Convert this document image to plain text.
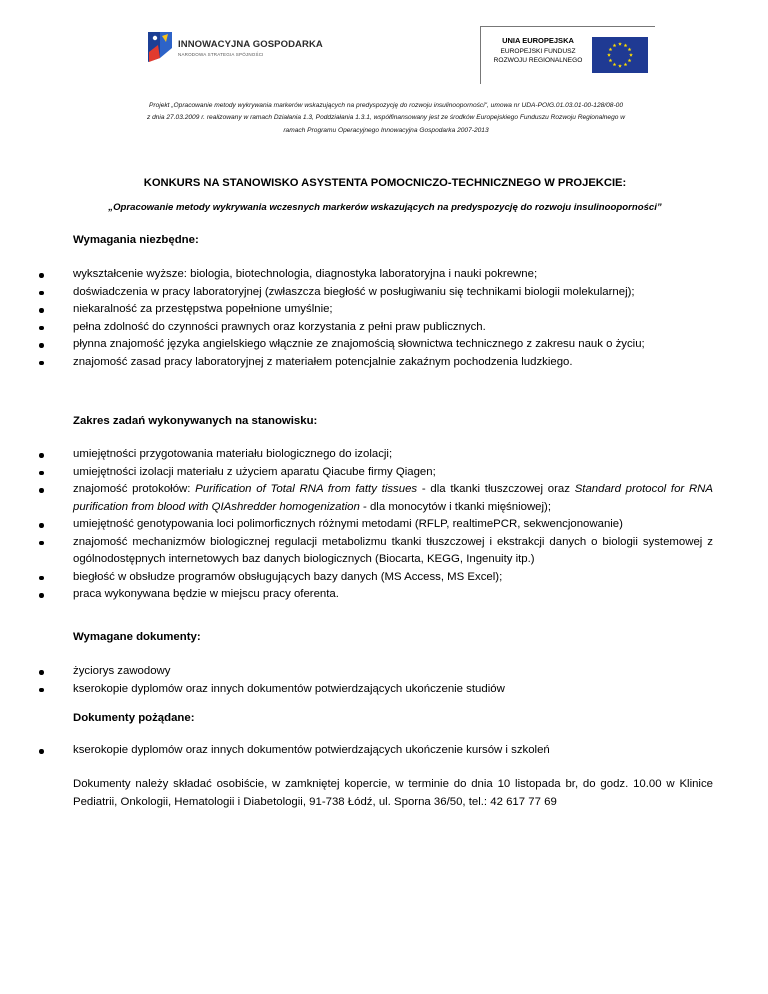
INNOWACYJNA GOSPODARKA
NARODOWA STRATEGIA SPÓJNOŚCI
UNIA EUROPEJSKA
EUROPEJSKI FUNDUSZ
ROZWOJU REGIONALNEGO
Projekt „Opracowanie metody wykrywania markerów wskazujących na predyspozycję do rozwoju insulinooporności", umowa nr UDA-POIG.01.03.01-00-128/08-00
z dnia 27.03.2009 r. realizowany w ramach Działania 1.3, Poddziałania 1.3.1, współfinansowany jest ze środków Europejskiego Funduszu Rozwoju Regionalnego w
ramach Programu Operacyjnego Innowacyjna Gospodarka 2007-2013
KONKURS NA STANOWISKO ASYSTENTA POMOCNICZO-TECHNICZNEGO W PROJEKCIE:
„Opracowanie metody wykrywania wczesnych markerów wskazujących na predyspozycję do rozwoju insulinooporności”
Wymagania niezbędne:
wykształcenie wyższe: biologia, biotechnologia, diagnostyka laboratoryjna i nauki pokrewne;
doświadczenia w pracy laboratoryjnej (zwłaszcza biegłość w posługiwaniu się technikami biologii molekularnej);
niekaralność za przestępstwa popełnione umyślnie;
pełna zdolność do czynności prawnych oraz korzystania z pełni praw publicznych.
płynna znajomość języka angielskiego włącznie ze znajomością słownictwa technicznego z zakresu nauk o życiu;
znajomość zasad pracy laboratoryjnej z materiałem potencjalnie zakaźnym pochodzenia ludzkiego.
Zakres zadań wykonywanych na stanowisku:
umiejętności przygotowania materiału biologicznego do izolacji;
umiejętności izolacji materiału z użyciem aparatu Qiacube firmy Qiagen;
znajomość protokołów: Purification of Total RNA from fatty tissues - dla tkanki tłuszczowej oraz Standard protocol for RNA purification from blood with QIAshredder homogenization - dla monocytów i tkanki mięśniowej);
umiejętność genotypowania loci polimorficznych różnymi metodami (RFLP, realtimePCR, sekwencjonowanie)
znajomość mechanizmów biologicznej regulacji metabolizmu tkanki tłuszczowej i ekstrakcji danych o biologii systemowej z ogólnodostępnych internetowych baz danych biologicznych (Biocarta, KEGG, Ingenuity itp.)
biegłość w obsłudze programów obsługujących bazy danych (MS Access, MS Excel);
praca wykonywana będzie w miejscu pracy oferenta.
Wymagane dokumenty:
życiorys zawodowy
kserokopie dyplomów oraz innych dokumentów potwierdzających ukończenie studiów
Dokumenty pożądane:
kserokopie dyplomów oraz innych dokumentów potwierdzających ukończenie kursów i szkoleń
Dokumenty należy składać osobiście, w zamkniętej kopercie, w terminie do dnia 10 listopada br, do godz. 10.00 w Klinice Pediatrii, Onkologii, Hematologii i Diabetologii, 91-738 Łódź, ul. Sporna 36/50, tel.: 42 617 77 69
